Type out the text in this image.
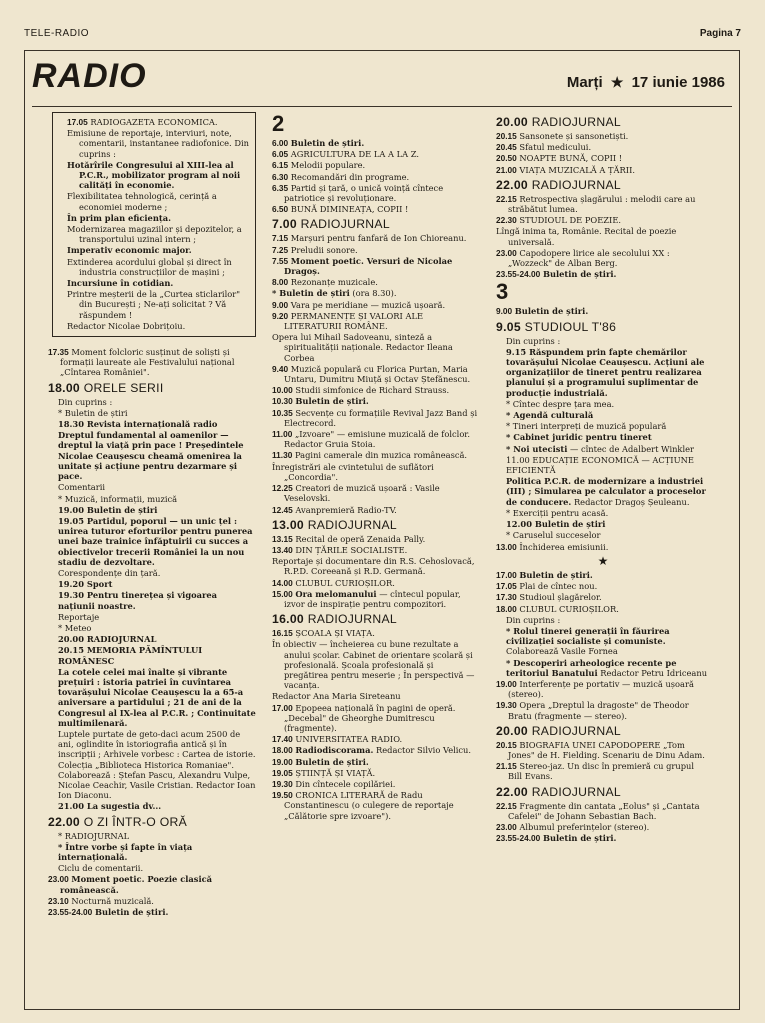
TELE-RADIO	Pagina 7
RADIO	Marți ★ 17 iunie 1986
17.05 RADIOGAZETA ECONOMICA.
Emisiune de reportaje, interviuri, note, comentarii, instantanee radiofonice. Din cuprins :
Hotărîrile Congresului al XIII-lea al P.C.R., mobilizator program al noii calități în economie.
Flexibilitatea tehnologică, cerință a economiei moderne ;
În prim plan eficiența.
Modernizarea magaziilor și depozitelor, a transportului uzinal intern ;
Imperativ economic major.
Extinderea acordului global și direct în industria construcțiilor de mașini ;
Incursiune în cotidian.
Printre meșterii de la „Curtea sticlarilor" din București ; Ne-ați solicitat ? Vă răspundem !
Redactor Nicolae Dobrițoiu.
17.35 Moment folcloric susținut de soliști și formații laureate ale Festivalului național „Cîntarea României".
18.00 ORELE SERII
Din cuprins :
* Buletin de știri
18.30 Revista internațională radio
Dreptul fundamental al oamenilor — dreptul la viață prin pace ! Președintele Nicolae Ceaușescu cheamă omenirea la unitate și acțiune pentru dezarmare și pace.
Comentarii
* Muzică, informații, muzică
19.00 Buletin de știri
19.05 Partidul, poporul — un unic țel : unirea tuturor eforturilor pentru punerea unei baze trainice înfăptuirii cu succes a obiectivelor trecerii României la un nou stadiu de dezvoltare.
Corespondențe din țară.
19.20 Sport
19.30 Pentru tinerețea și vigoarea națiunii noastre.
Reportaje
* Meteo
20.00 RADIOJURNAL
20.15 MEMORIA PĂMÎNTULUI ROMÂNESC
La cotele celei mai înalte și vibrante prețuiri : istoria patriei în cuvîntarea tovarășului Nicolae Ceaușescu la a 65-a aniversare a partidului ; 21 de ani de la Congresul al IX-lea al P.C.R. ; Continuitate multimilenară.
Luptele purtate de geto-daci acum 2500 de ani, oglindite în istoriografia antică și în inscripții ; Arhivele vorbesc : Cartea de istorie. Colecția „Biblioteca Historica Romaniae". Colaborează : Ștefan Pascu, Alexandru Vulpe, Nicolae Ceachir, Vasile Cristian. Redactor Ioan Ion Diaconu.
21.00 La sugestia dv...
22.00 O ZI ÎNTR-O ORĂ
* RADIOJURNAL
* Între vorbe și fapte în viața internațională.
Ciclu de comentarii.
23.00 Moment poetic. Poezie clasică românească.
23.10 Nocturnă muzicală.
23.55-24.00 Buletin de știri.
2
6.00 Buletin de știri.
6.05 AGRICULTURA DE LA A LA Z.
6.15 Melodii populare.
6.30 Recomandări din programe.
6.35 Partid și țară, o unică voință cîntece patriotice și revoluționare.
6.50 BUNĂ DIMINEAȚA, COPII !
7.00 RADIOJURNAL
7.15 Marșuri pentru fanfară de Ion Chioreanu.
7.25 Preludii sonore.
7.55 Moment poetic. Versuri de Nicolae Dragoș.
8.00 Rezonanțe muzicale.
* Buletin de știri (ora 8.30).
9.00 Vara pe meridiane — muzică ușoară.
9.20 PERMANENȚE ȘI VALORI ALE LITERATURII ROMÂNE.
Opera lui Mihail Sadoveanu, sinteză a spiritualității naționale. Redactor Ileana Corbea
9.40 Muzică populară cu Florica Purtan, Maria Untaru, Dumitru Miuță și Octav Ștefănescu.
10.00 Studii simfonice de Richard Strauss.
10.30 Buletin de știri.
10.35 Secvențe cu formațiile Revival Jazz Band și Electrecord.
11.00 „Izvoare" — emisiune muzicală de folclor. Redactor Gruia Stoia.
11.30 Pagini camerale din muzica românească.
Înregistrări ale cvintetului de suflători „Concordia".
12.25 Creatori de muzică ușoară : Vasile Veselovski.
12.45 Avanpremieră Radio-TV.
13.00 RADIOJURNAL
13.15 Recital de operă Zenaida Pally.
13.40 DIN ȚĂRILE SOCIALISTE.
Reportaje și documentare din R.S. Cehoslovacă, R.P.D. Coreeană și R.D. Germană.
14.00 CLUBUL CURIOȘILOR.
15.00 Ora melomanului — cîntecul popular, izvor de inspirație pentru compozitori.
16.00 RADIOJURNAL
16.15 ȘCOALA ȘI VIAȚA.
În obiectiv — încheierea cu bune rezultate a anului școlar. Cabinet de orientare școlară și profesională. Școala profesională și pregătirea pentru meserie ; În perspectivă — vacanța.
Redactor Ana Maria Sireteanu
17.00 Epopeea națională în pagini de operă. „Decebal" de Gheorghe Dumitrescu (fragmente).
17.40 UNIVERSITATEA RADIO.
18.00 Radiodiscorama. Redactor Silvio Velicu.
19.00 Buletin de știri.
19.05 ȘTIINȚĂ ȘI VIAȚĂ.
19.30 Din cîntecele copilăriei.
19.50 CRONICA LITERARĂ de Radu Constantinescu (o culegere de reportaje „Călătorie spre izvoare").
20.00 RADIOJURNAL
20.15 Sansonete și sansonetiști.
20.45 Sfatul medicului.
20.50 NOAPTE BUNĂ, COPII !
21.00 VIAȚA MUZICALĂ A ȚĂRII.
22.00 RADIOJURNAL
22.15 Retrospectiva șlagărului : melodii care au străbătut lumea.
22.30 STUDIOUL DE POEZIE.
Lîngă inima ta, Românie. Recital de poezie universală.
23.00 Capodopere lirice ale secolului XX : „Wozzeck" de Alban Berg.
23.55-24.00 Buletin de știri.
3
9.00 Buletin de știri.
9.05 STUDIOUL T'86
Din cuprins :
9.15 Răspundem prin fapte chemărilor tovarășului Nicolae Ceaușescu. Acțiuni ale organizațiilor de tineret pentru realizarea planului și a programului suplimentar de producție industrială.
* Cîntec despre țara mea.
* Agendă culturală
* Tineri interpreți de muzică populară
* Cabinet juridic pentru tineret
* Noi utecisti — cîntec de Adalbert Winkler
11.00 EDUCAȚIE ECONOMICĂ — ACȚIUNE EFICIENTĂ
Politica P.C.R. de modernizare a industriei (III) ; Simularea pe calculator a proceselor de conducere. Redactor Dragoș Șeuleanu.
* Exerciții pentru acasă.
12.00 Buletin de știri
* Caruselul succeselor
13.00 Închiderea emisiunii.
★
17.00 Buletin de știri.
17.05 Plai de cîntec nou.
17.30 Studioul șlagărelor.
18.00 CLUBUL CURIOȘILOR.
Din cuprins :
* Rolul tinerei generații în făurirea civilizației socialiste și comuniste. Colaborează Vasile Fornea
* Descoperiri arheologice recente pe teritoriul Banatului Redactor Petru Idriceanu
19.00 Interferențe pe portativ — muzică ușoară (stereo).
19.30 Opera „Dreptul la dragoste" de Theodor Bratu (fragmente — stereo).
20.00 RADIOJURNAL
20.15 BIOGRAFIA UNEI CAPODOPERE „Tom Jones" de H. Fielding. Scenariu de Dinu Adam.
21.15 Stereo-jaz. Un disc în premieră cu grupul Bill Evans.
22.00 RADIOJURNAL
22.15 Fragmente din cantata „Eolus" și „Cantata Cafelei" de Johann Sebastian Bach.
23.00 Albumul preferințelor (stereo).
23.55-24.00 Buletin de știri.
